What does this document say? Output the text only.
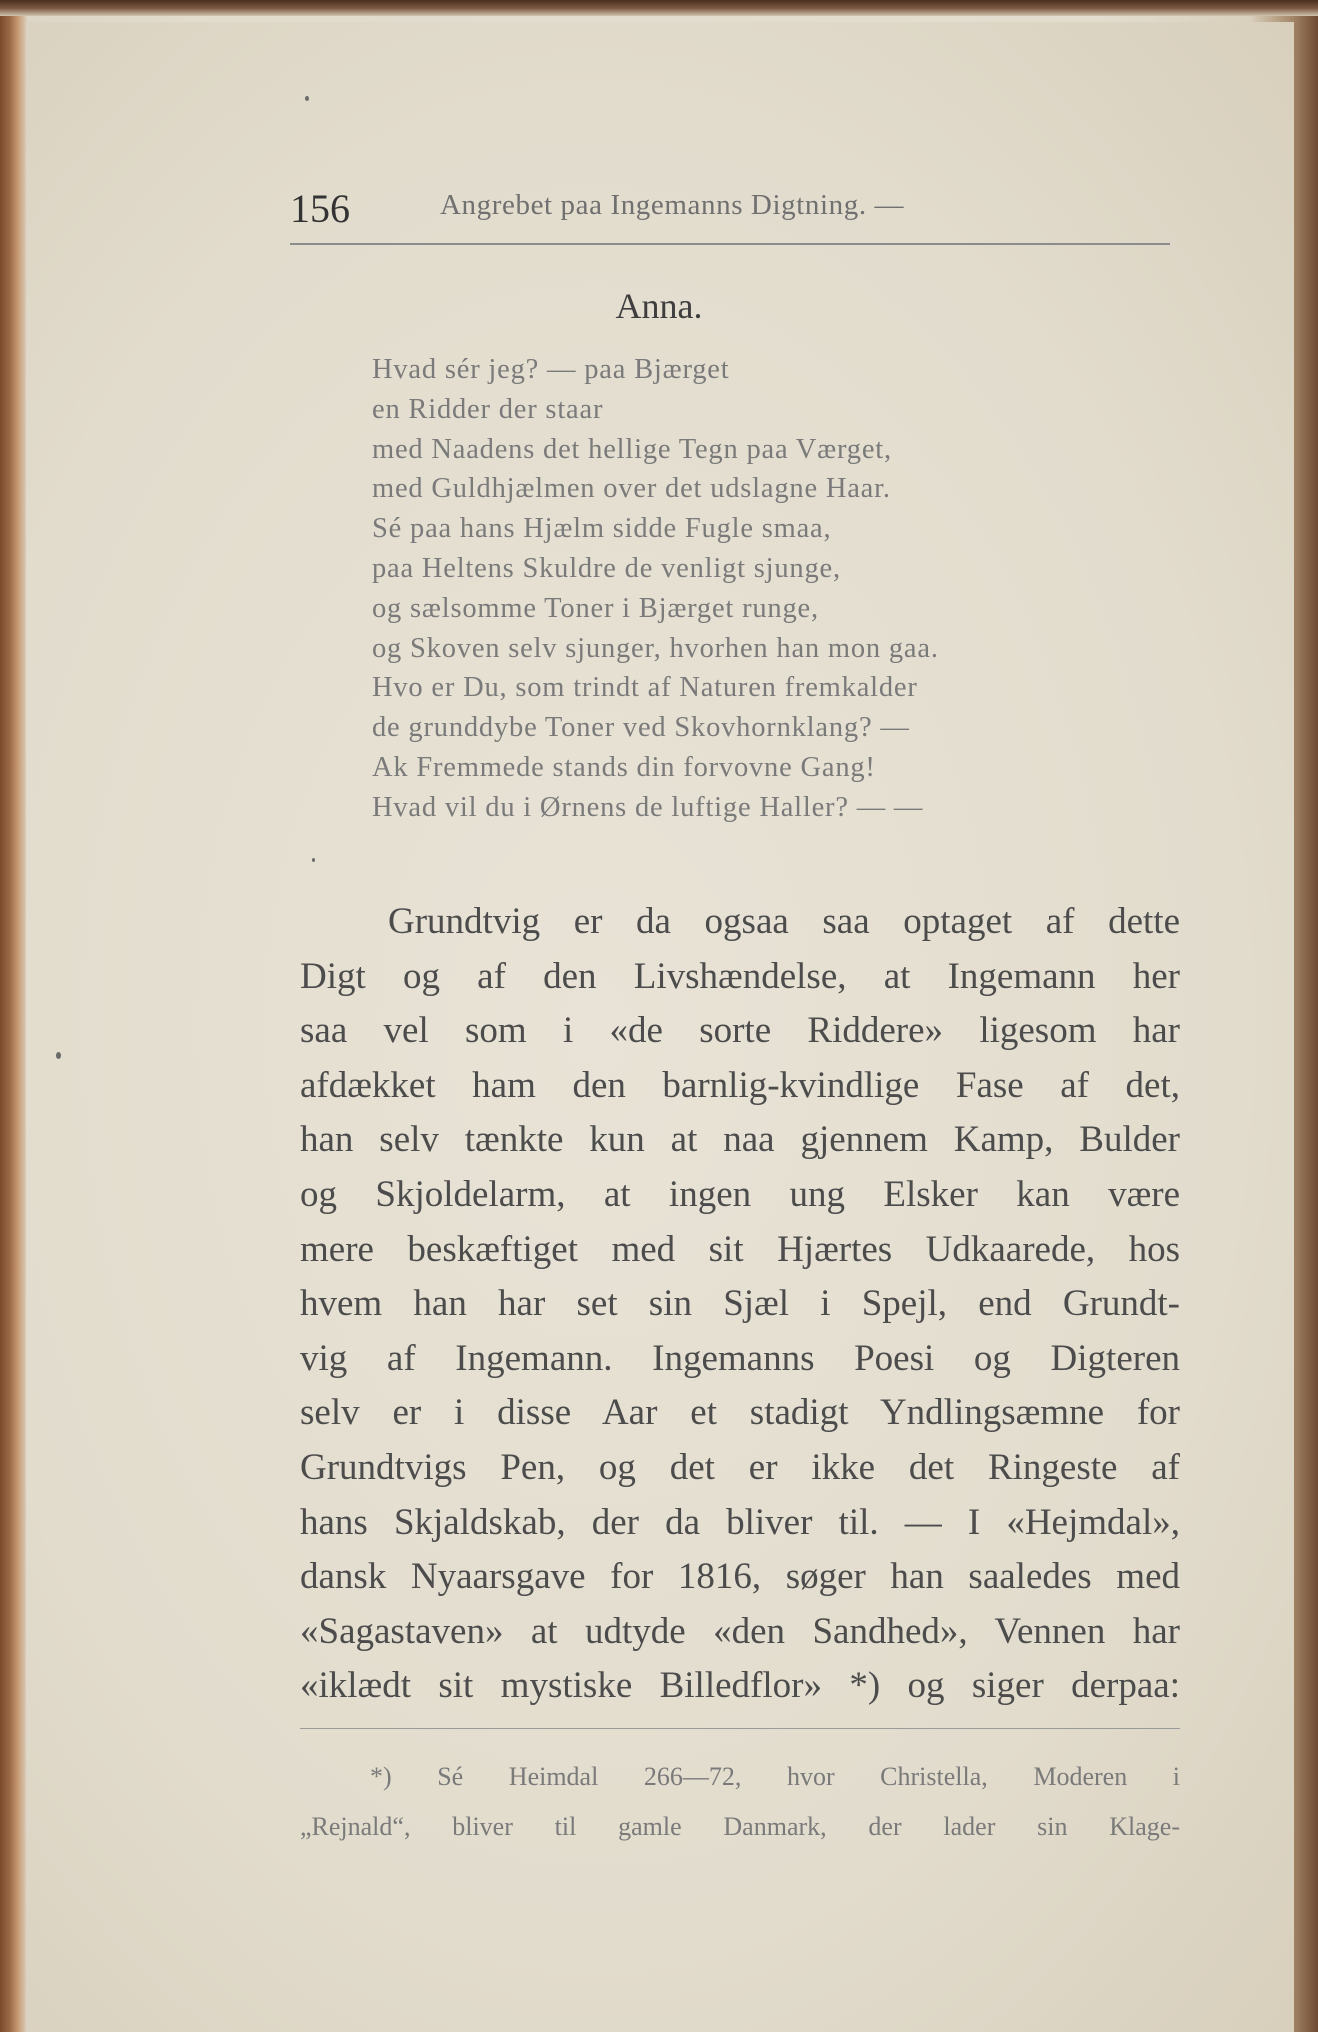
156	Angrebet paa Ingemanns Digtning. —
Anna.
Hvad sér jeg? — paa Bjærget
en Ridder der staar
med Naadens det hellige Tegn paa Værget,
med Guldhjælmen over det udslagne Haar.
Sé paa hans Hjælm sidde Fugle smaa,
paa Heltens Skuldre de venligt sjunge,
og sælsomme Toner i Bjærget runge,
og Skoven selv sjunger, hvorhen han mon gaa.
Hvo er Du, som trindt af Naturen fremkalder
de grunddybe Toner ved Skovhornklang? —
Ak Fremmede stands din forvovne Gang!
Hvad vil du i Ørnens de luftige Haller? — —
Grundtvig er da ogsaa saa optaget af dette
Digt og af den Livshændelse, at Ingemann her
saa vel som i «de sorte Riddere» ligesom har
afdækket ham den barnlig-kvindlige Fase af det,
han selv tænkte kun at naa gjennem Kamp, Bulder
og Skjoldelarm, at ingen ung Elsker kan være
mere beskæftiget med sit Hjærtes Udkaarede, hos
hvem han har set sin Sjæl i Spejl, end Grundt-
vig af Ingemann. Ingemanns Poesi og Digteren
selv er i disse Aar et stadigt Yndlingsæmne for
Grundtvigs Pen, og det er ikke det Ringeste af
hans Skjaldskab, der da bliver til. — I «Hejmdal»,
dansk Nyaarsgave for 1816, søger han saaledes med
«Sagastaven» at udtyde «den Sandhed», Vennen har
«iklædt sit mystiske Billedflor» *) og siger derpaa:
*) Sé Heimdal 266—72, hvor Christella, Moderen i
„Rejnald“, bliver til gamle Danmark, der lader sin Klage-
